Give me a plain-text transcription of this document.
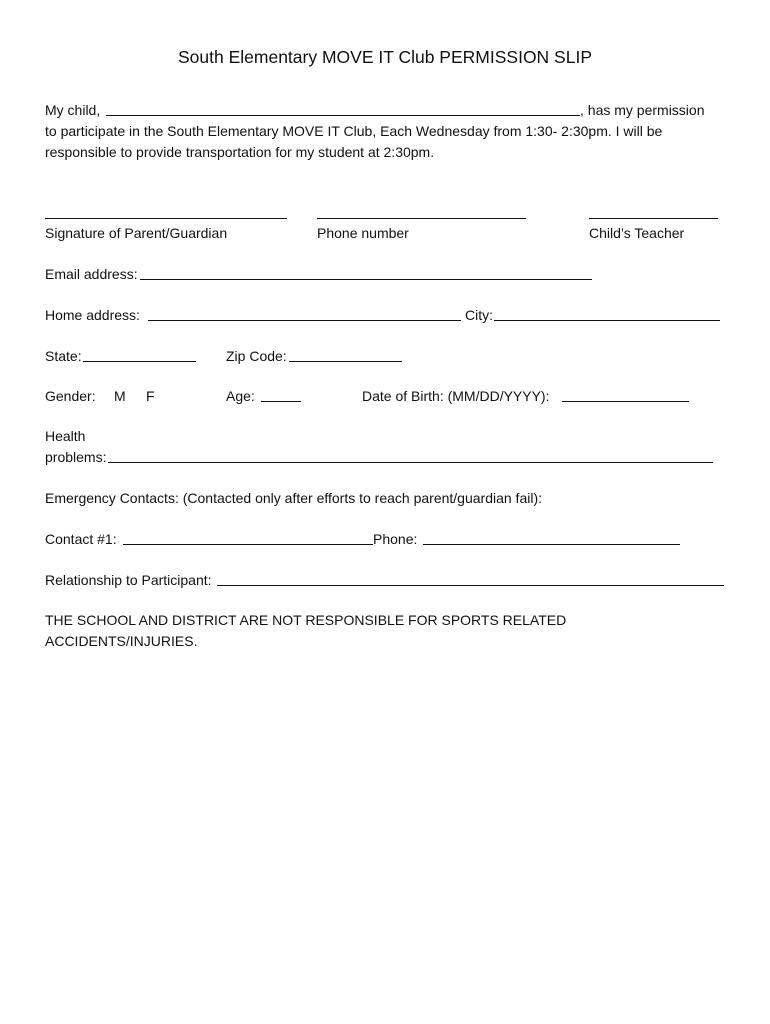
South Elementary MOVE IT Club PERMISSION SLIP
My child,	, has my permission
to participate in the South Elementary MOVE IT Club, Each Wednesday from 1:30- 2:30pm. I will be
responsible to provide transportation for my student at 2:30pm.
Signature of Parent/Guardian	Phone number	Child’s Teacher
Email address:
Home address:	City:
State:	Zip Code:
Gender: M F	Age:	Date of Birth: (MM/DD/YYYY):
Health
problems:
Emergency Contacts: (Contacted only after efforts to reach parent/guardian fail):
Contact #1:	Phone:
Relationship to Participant:
THE SCHOOL AND DISTRICT ARE NOT RESPONSIBLE FOR SPORTS RELATED
ACCIDENTS/INJURIES.
